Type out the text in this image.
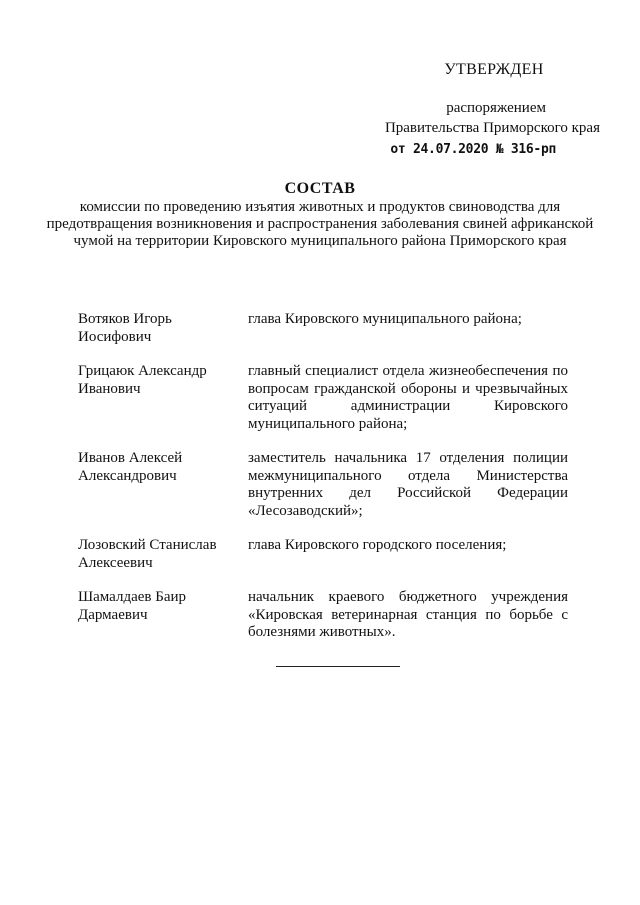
УТВЕРЖДЕН
распоряжением
Правительства Приморского края
от 24.07.2020 № 316-рп
СОСТАВ
комиссии по проведению изъятия животных и продуктов свиноводства для предотвращения возникновения и распространения заболевания свиней африканской чумой на территории Кировского муниципального района Приморского края
Вотяков Игорь Иосифович
глава Кировского муниципального района;
Грицаюк Александр Иванович
главный специалист отдела жизнеобеспечения по вопросам гражданской обороны и чрезвычайных ситуаций администрации Кировского муниципального района;
Иванов Алексей Александрович
заместитель начальника 17 отделения полиции межмуниципального отдела Министерства внутренних дел Российской Федерации «Лесозаводский»;
Лозовский Станислав Алексеевич
глава Кировского городского поселения;
Шамалдаев Баир Дармаевич
начальник краевого бюджетного учреждения «Кировская ветеринарная станция по борьбе с болезнями животных».
